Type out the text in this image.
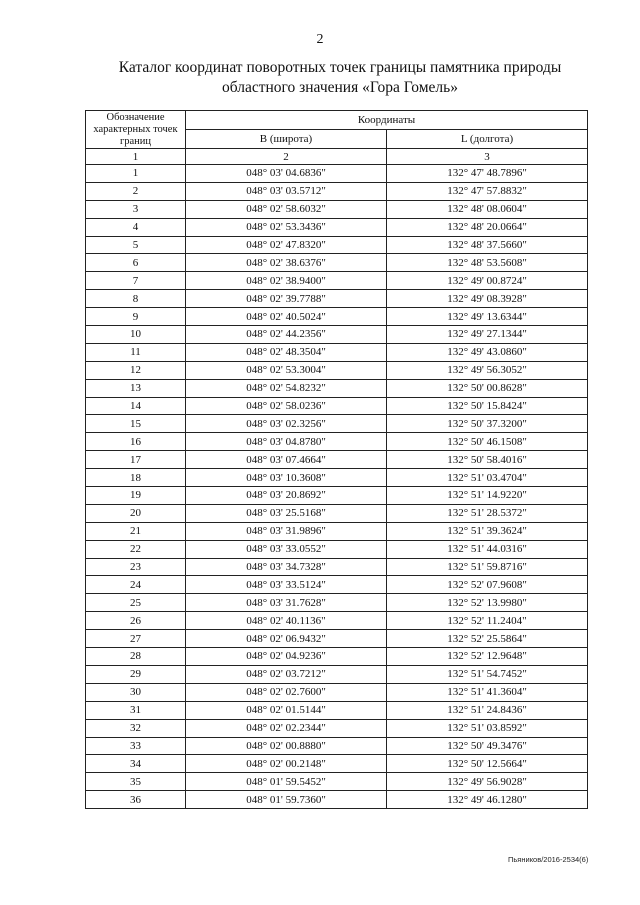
2
Каталог координат поворотных точек границы памятника природы
областного значения «Гора Гомель»
Обозначение характерных точек границ	Координаты	
	B (широта)	L (долгота)
1	2	3
1	048° 03' 04.6836"	132° 47' 48.7896"
2	048° 03' 03.5712"	132° 47' 57.8832"
3	048° 02' 58.6032"	132° 48' 08.0604"
4	048° 02' 53.3436"	132° 48' 20.0664"
5	048° 02' 47.8320"	132° 48' 37.5660"
6	048° 02' 38.6376"	132° 48' 53.5608"
7	048° 02' 38.9400"	132° 49' 00.8724"
8	048° 02' 39.7788"	132° 49' 08.3928"
9	048° 02' 40.5024"	132° 49' 13.6344"
10	048° 02' 44.2356"	132° 49' 27.1344"
11	048° 02' 48.3504"	132° 49' 43.0860"
12	048° 02' 53.3004"	132° 49' 56.3052"
13	048° 02' 54.8232"	132° 50' 00.8628"
14	048° 02' 58.0236"	132° 50' 15.8424"
15	048° 03' 02.3256"	132° 50' 37.3200"
16	048° 03' 04.8780"	132° 50' 46.1508"
17	048° 03' 07.4664"	132° 50' 58.4016"
18	048° 03' 10.3608"	132° 51' 03.4704"
19	048° 03' 20.8692"	132° 51' 14.9220"
20	048° 03' 25.5168"	132° 51' 28.5372"
21	048° 03' 31.9896"	132° 51' 39.3624"
22	048° 03' 33.0552"	132° 51' 44.0316"
23	048° 03' 34.7328"	132° 51' 59.8716"
24	048° 03' 33.5124"	132° 52' 07.9608"
25	048° 03' 31.7628"	132° 52' 13.9980"
26	048° 02' 40.1136"	132° 52' 11.2404"
27	048° 02' 06.9432"	132° 52' 25.5864"
28	048° 02' 04.9236"	132° 52' 12.9648"
29	048° 02' 03.7212"	132° 51' 54.7452"
30	048° 02' 02.7600"	132° 51' 41.3604"
31	048° 02' 01.5144"	132° 51' 24.8436"
32	048° 02' 02.2344"	132° 51' 03.8592"
33	048° 02' 00.8880"	132° 50' 49.3476"
34	048° 02' 00.2148"	132° 50' 12.5664"
35	048° 01' 59.5452"	132° 49' 56.9028"
36	048° 01' 59.7360"	132° 49' 46.1280"
Пьяников/2016-2534(6)
